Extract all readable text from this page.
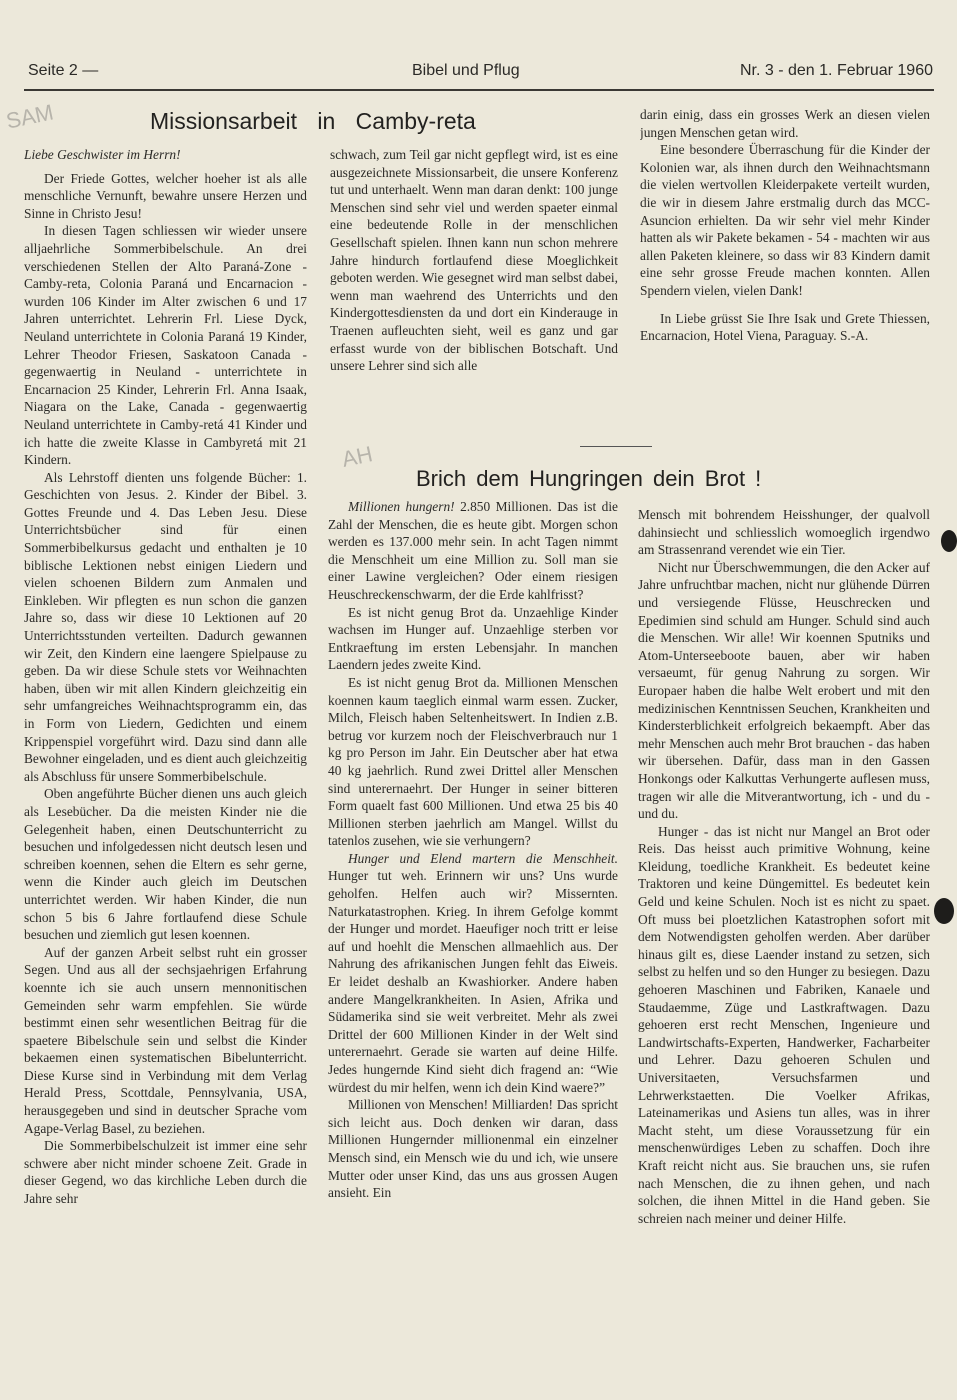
Seite 2 —	Bibel und Pflug	Nr. 3 - den 1. Februar 1960
SAM
AH
Missionsarbeit in Camby-reta

Liebe Geschwister im Herrn!

Der Friede Gottes, welcher hoeher ist als alle menschliche Vernunft, bewahre unsere Herzen und Sinne in Christo Jesu!

In diesen Tagen schliessen wir wieder unsere alljaehrliche Sommerbibelschule. An drei verschiedenen Stellen der Alto Paraná-Zone - Camby-reta, Colonia Paraná und Encarnacion - wurden 106 Kinder im Alter zwischen 6 und 17 Jahren unterrichtet. Lehrerin Frl. Liese Dyck, Neuland unterrichtete in Colonia Paraná 19 Kinder, Lehrer Theodor Friesen, Saskatoon Canada - gegenwaertig in Neuland - unterrichtete in Encarnacion 25 Kinder, Lehrerin Frl. Anna Isaak, Niagara on the Lake, Canada - gegenwaertig Neuland unterrichtete in Camby-retá 41 Kinder und ich hatte die zweite Klasse in Cambyretá mit 21 Kindern.

Als Lehrstoff dienten uns folgende Bücher: 1. Geschichten von Jesus. 2. Kinder der Bibel. 3. Gottes Freunde und 4. Das Leben Jesu. Diese Unterrichtsbücher sind für einen Sommerbibelkursus gedacht und enthalten je 10 biblische Lektionen nebst einigen Liedern und vielen schoenen Bildern zum Anmalen und Einkleben. Wir pflegten es nun schon die ganzen Jahre so, dass wir diese 10 Lektionen auf 20 Unterrichtsstunden verteilten. Dadurch gewannen wir Zeit, den Kindern eine laengere Spielpause zu geben. Da wir diese Schule stets vor Weihnachten haben, üben wir mit allen Kindern gleichzeitig ein sehr umfangreiches Weihnachtsprogramm ein, das in Form von Liedern, Gedichten und einem Krippenspiel vorgeführt wird. Dazu sind dann alle Bewohner eingeladen, und es dient auch gleichzeitig als Abschluss für unsere Sommerbibelschule.

Oben angeführte Bücher dienen uns auch gleich als Lesebücher. Da die meisten Kinder nie die Gelegenheit haben, einen Deutschunterricht zu besuchen und infolgedessen nicht deutsch lesen und schreiben koennen, sehen die Eltern es sehr gerne, wenn die Kinder auch gleich im Deutschen unterrichtet werden. Wir haben Kinder, die nun schon 5 bis 6 Jahre fortlaufend diese Schule besuchen und ziemlich gut lesen koennen.

Auf der ganzen Arbeit selbst ruht ein grosser Segen. Und aus all der sechsjaehrigen Erfahrung koennte ich sie auch unsern mennonitischen Gemeinden sehr warm empfehlen. Sie würde bestimmt einen sehr wesentlichen Beitrag für die spaetere Bibelschule sein und selbst die Kinder bekaemen einen systematischen Bibelunterricht. Diese Kurse sind in Verbindung mit dem Verlag Herald Press, Scottdale, Pennsylvania, USA, herausgegeben und sind in deutscher Sprache vom Agape-Verlag Basel, zu beziehen.

Die Sommerbibelschulzeit ist immer eine sehr schwere aber nicht minder schoene Zeit. Grade in dieser Gegend, wo das kirchliche Leben durch die Jahre sehr

schwach, zum Teil gar nicht gepflegt wird, ist es eine ausgezeichnete Missionsarbeit, die unsere Konferenz tut und unterhaelt. Wenn man daran denkt: 100 junge Menschen sind sehr viel und werden spaeter einmal eine bedeutende Rolle in der menschlichen Gesellschaft spielen. Ihnen kann nun schon mehrere Jahre hindurch fortlaufend diese Moeglichkeit geboten werden. Wie gesegnet wird man selbst dabei, wenn man waehrend des Unterrichts und den Kindergottesdiensten da und dort ein Kinderauge in Traenen aufleuchten sieht, weil es ganz und gar erfasst wurde von der biblischen Botschaft. Und unsere Lehrer sind sich alle

darin einig, dass ein grosses Werk an diesen vielen jungen Menschen getan wird.

Eine besondere Überraschung für die Kinder der Kolonien war, als ihnen durch den Weihnachtsmann die vielen wertvollen Kleiderpakete verteilt wurden, die wir in diesem Jahre erstmalig durch das MCC-Asuncion erhielten. Da wir sehr viel mehr Kinder hatten als wir Pakete bekamen - 54 - machten wir aus allen Paketen kleinere, so dass wir 83 Kindern damit eine sehr grosse Freude machen konnten. Allen Spendern vielen, vielen Dank!

In Liebe grüsst Sie Ihre Isak und Grete Thiessen, Encarnacion, Hotel Viena, Paraguay. S.-A.

Brich dem Hungringen dein Brot !

Millionen hungern! 2.850 Millionen. Das ist die Zahl der Menschen, die es heute gibt. Morgen schon werden es 137.000 mehr sein. In acht Tagen nimmt die Menschheit um eine Million zu. Soll man sie einer Lawine vergleichen? Oder einem riesigen Heuschreckenschwarm, der die Erde kahlfrisst?

Es ist nicht genug Brot da. Unzaehlige Kinder wachsen im Hunger auf. Unzaehlige sterben vor Entkraeftung im ersten Lebensjahr. In manchen Laendern jedes zweite Kind.

Es ist nicht genug Brot da. Millionen Menschen koennen kaum taeglich einmal warm essen. Zucker, Milch, Fleisch haben Seltenheitswert. In Indien z.B. betrug vor kurzem noch der Fleischverbrauch nur 1 kg pro Person im Jahr. Ein Deutscher aber hat etwa 40 kg jaehrlich. Rund zwei Drittel aller Menschen sind unterernaehrt. Der Hunger in seiner bitteren Form quaelt fast 600 Millionen. Und etwa 25 bis 40 Millionen sterben jaehrlich am Mangel. Willst du tatenlos zusehen, wie sie verhungern?

Hunger und Elend martern die Menschheit. Hunger tut weh. Erinnern wir uns? Uns wurde geholfen. Helfen auch wir? Missernten. Naturkatastrophen. Krieg. In ihrem Gefolge kommt der Hunger und mordet. Haeufiger noch tritt er leise auf und hoehlt die Menschen allmaehlich aus. Der Nahrung des afrikanischen Jungen fehlt das Eiweis. Er leidet deshalb an Kwashiorker. Andere haben andere Mangelkrankheiten. In Asien, Afrika und Südamerika sind sie weit verbreitet. Mehr als zwei Drittel der 600 Millionen Kinder in der Welt sind unterernaehrt. Gerade sie warten auf deine Hilfe. Jedes hungernde Kind sieht dich fragend an: “Wie würdest du mir helfen, wenn ich dein Kind waere?”

Millionen von Menschen! Milliarden! Das spricht sich leicht aus. Doch denken wir daran, dass Millionen Hungernder millionenmal ein einzelner Mensch sind, ein Mensch wie du und ich, wie unsere Mutter oder unser Kind, das uns aus grossen Augen ansieht. Ein

Mensch mit bohrendem Heisshunger, der qualvoll dahinsiecht und schliesslich womoeglich irgendwo am Strassenrand verendet wie ein Tier.

Nicht nur Überschwemmungen, die den Acker auf Jahre unfruchtbar machen, nicht nur glühende Dürren und versiegende Flüsse, Heuschrecken und Epedimien sind schuld am Hunger. Schuld sind auch die Menschen. Wir alle! Wir koennen Sputniks und Atom-Unterseeboote bauen, aber wir haben versaeumt, für genug Nahrung zu sorgen. Wir Europaer haben die halbe Welt erobert und mit den medizinischen Kenntnissen Seuchen, Krankheiten und Kindersterblichkeit erfolgreich bekaempft. Aber das mehr Menschen auch mehr Brot brauchen - das haben wir übersehen. Dafür, dass man in den Gassen Honkongs oder Kalkuttas Verhungerte auflesen muss, tragen wir alle die Mitverantwortung, ich - und du - und du.

Hunger - das ist nicht nur Mangel an Brot oder Reis. Das heisst auch primitive Wohnung, keine Kleidung, toedliche Krankheit. Es bedeutet keine Traktoren und keine Düngemittel. Es bedeutet kein Geld und keine Schulen. Noch ist es nicht zu spaet. Oft muss bei ploetzlichen Katastrophen sofort mit dem Notwendigsten geholfen werden. Aber darüber hinaus gilt es, diese Laender instand zu setzen, sich selbst zu helfen und so den Hunger zu besiegen. Dazu gehoeren Maschinen und Fabriken, Kanaele und Staudaemme, Züge und Lastkraftwagen. Dazu gehoeren erst recht Menschen, Ingenieure und Landwirtschafts-Experten, Handwerker, Facharbeiter und Lehrer. Dazu gehoeren Schulen und Universitaeten, Versuchsfarmen und Lehrwerkstaetten. Die Voelker Afrikas, Lateinamerikas und Asiens tun alles, was in ihrer Macht steht, um diese Voraussetzung für ein menschenwürdiges Leben zu schaffen. Doch ihre Kraft reicht nicht aus. Sie brauchen uns, sie rufen nach Menschen, die zu ihnen gehen, und nach solchen, die ihnen Mittel in die Hand geben. Sie schreien nach meiner und deiner Hilfe.
